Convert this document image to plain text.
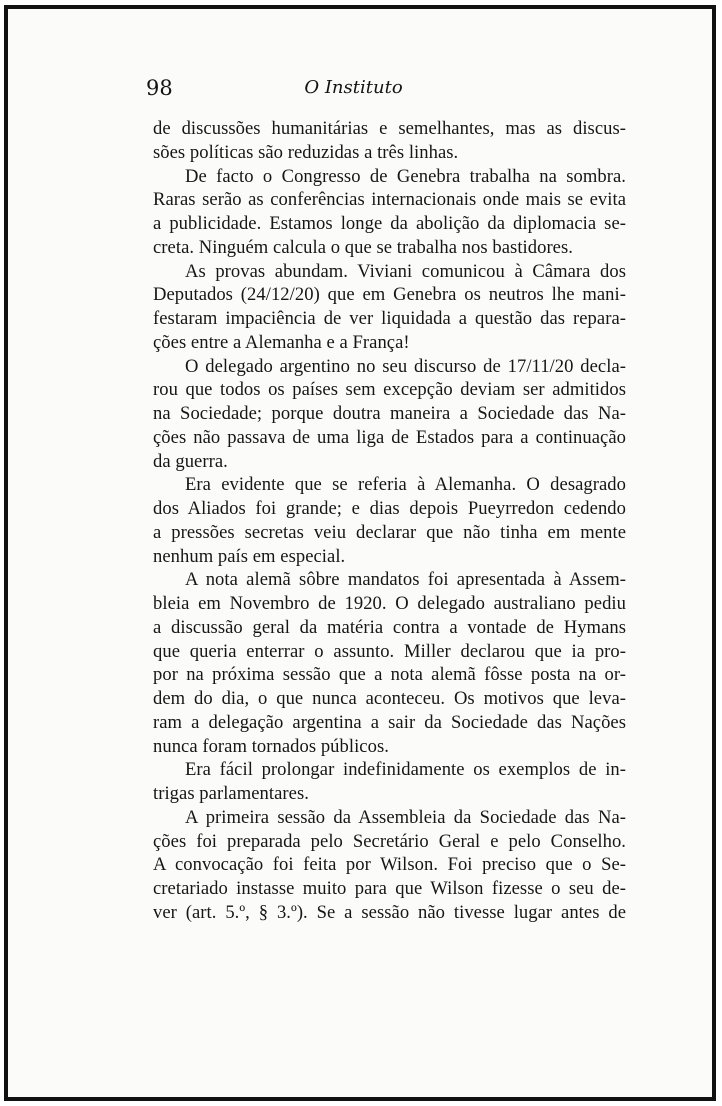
98	O Instituto
de discussões humanitárias e semelhantes, mas as discus-
sões políticas são reduzidas a três linhas.
De facto o Congresso de Genebra trabalha na sombra.
Raras serão as conferências internacionais onde mais se evita
a publicidade. Estamos longe da abolição da diplomacia se-
creta. Ninguém calcula o que se trabalha nos bastidores.
As provas abundam. Viviani comunicou à Câmara dos
Deputados (24/12/20) que em Genebra os neutros lhe mani-
festaram impaciência de ver liquidada a questão das repara-
ções entre a Alemanha e a França!
O delegado argentino no seu discurso de 17/11/20 decla-
rou que todos os países sem excepção deviam ser admitidos
na Sociedade; porque doutra maneira a Sociedade das Na-
ções não passava de uma liga de Estados para a continuação
da guerra.
Era evidente que se referia à Alemanha. O desagrado
dos Aliados foi grande; e dias depois Pueyrredon cedendo
a pressões secretas veiu declarar que não tinha em mente
nenhum país em especial.
A nota alemã sôbre mandatos foi apresentada à Assem-
bleia em Novembro de 1920. O delegado australiano pediu
a discussão geral da matéria contra a vontade de Hymans
que queria enterrar o assunto. Miller declarou que ia pro-
por na próxima sessão que a nota alemã fôsse posta na or-
dem do dia, o que nunca aconteceu. Os motivos que leva-
ram a delegação argentina a sair da Sociedade das Nações
nunca foram tornados públicos.
Era fácil prolongar indefinidamente os exemplos de in-
trigas parlamentares.
A primeira sessão da Assembleia da Sociedade das Na-
ções foi preparada pelo Secretário Geral e pelo Conselho.
A convocação foi feita por Wilson. Foi preciso que o Se-
cretariado instasse muito para que Wilson fizesse o seu de-
ver (art. 5.º, § 3.º). Se a sessão não tivesse lugar antes de
